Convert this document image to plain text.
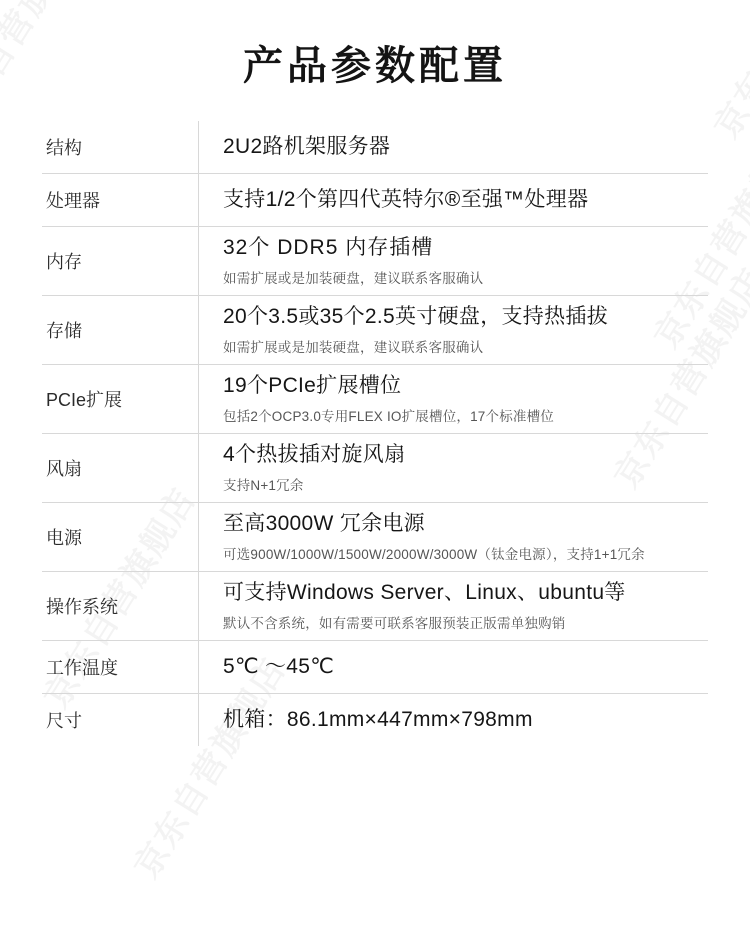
产品参数配置
结构	2U2路机架服务器

处理器	支持1/2个第四代英特尔®至强™处理器

内存	32个 DDR5 内存插槽
如需扩展或是加装硬盘，建议联系客服确认

存储	20个3.5或35个2.5英寸硬盘，支持热插拔
如需扩展或是加装硬盘，建议联系客服确认

PCIe扩展	19个PCIe扩展槽位
包括2个OCP3.0专用FLEX IO扩展槽位，17个标准槽位

风扇	4个热拔插对旋风扇
支持N+1冗余

电源	至高3000W 冗余电源
可选900W/1000W/1500W/2000W/3000W（钛金电源），支持1+1冗余

操作系统	可支持Windows Server、Linux、ubuntu等
默认不含系统，如有需要可联系客服预装正版需单独购销

工作温度	5℃ ～45℃

尺寸	机箱：86.1mm×447mm×798mm
